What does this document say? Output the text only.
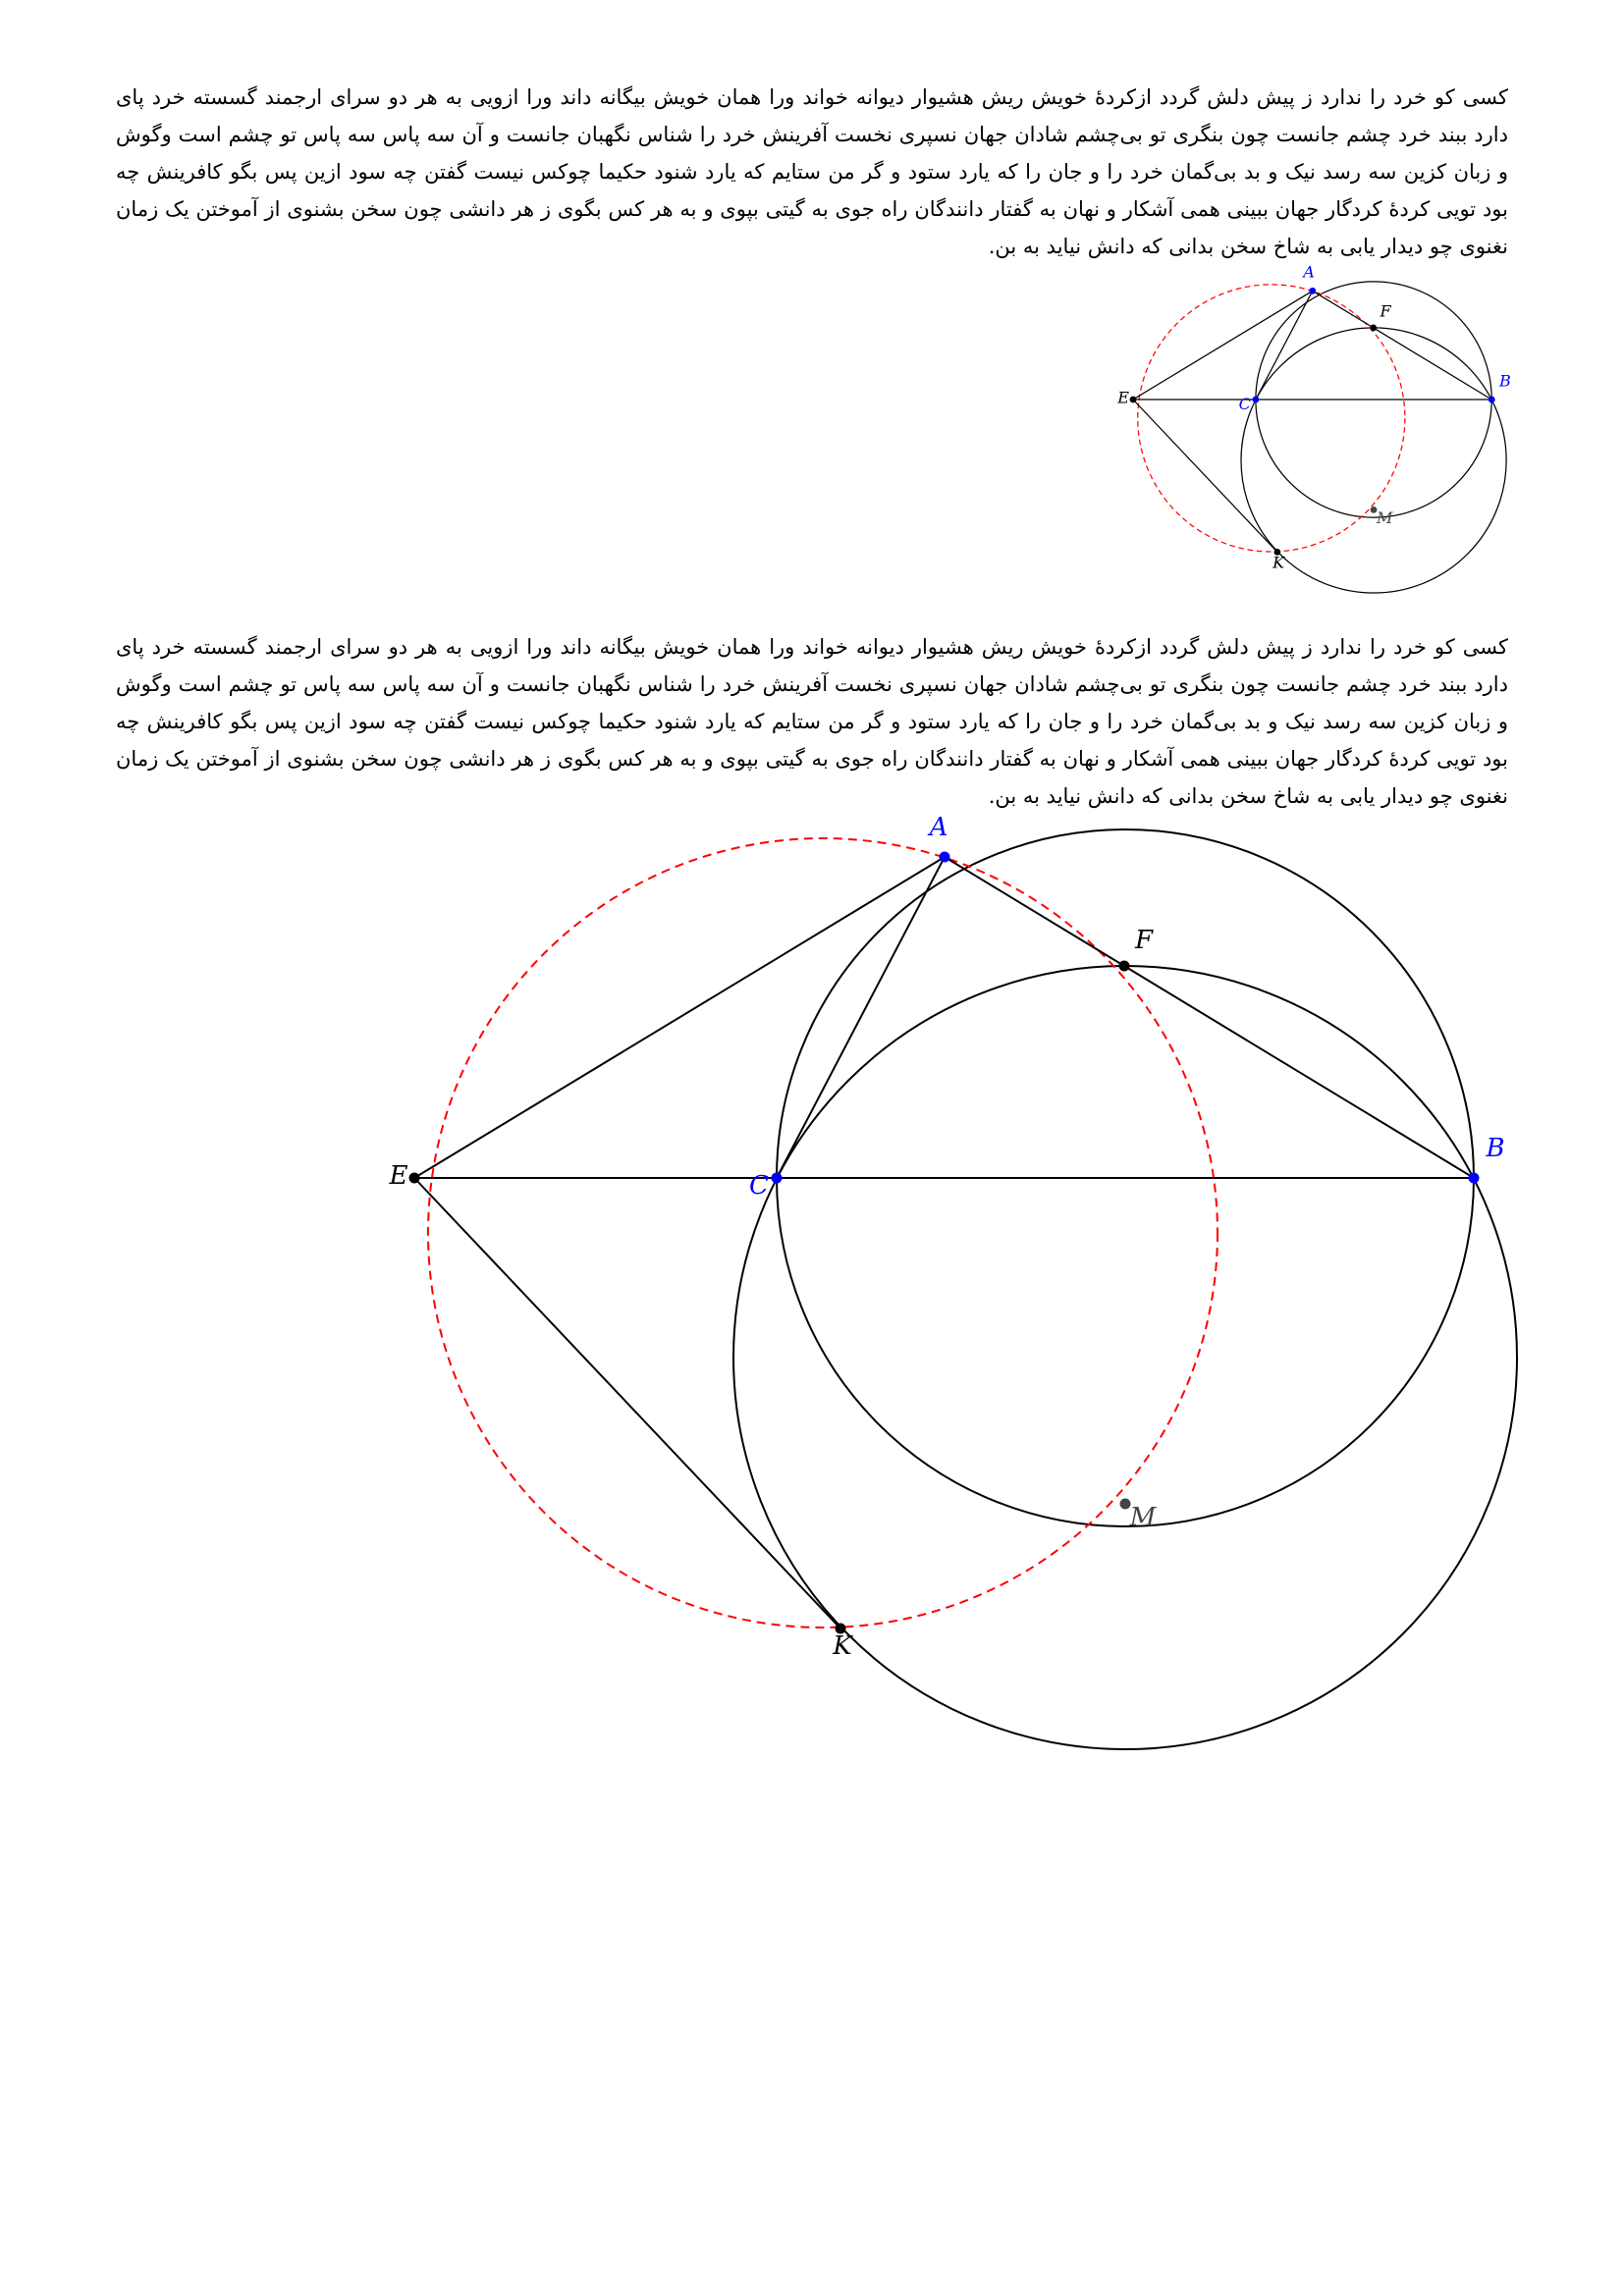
کسی کو خرد را ندارد ز پیش دلش گردد ازکردهٔ خویش ریش هشیوار دیوانه خواند ورا همان خویش بیگانه داند ورا ازویی به هر دو سرای ارجمند گسسته خرد پای دارد ببند خرد چشم جانست چون بنگری تو بی‌چشم شادان جهان نسپری نخست آفرینش خرد را شناس نگهبان جانست و آن سه پاس سه پاس تو چشم است وگوش و زبان کزین سه رسد نیک و بد بی‌گمان خرد را و جان را که یارد ستود و گر من ستایم که یارد شنود حکیما چوکس نیست گفتن چه سود ازین پس بگو کافرینش چه بود تویی کردهٔ کردگار جهان ببینی همی آشکار و نهان به گفتار دانندگان راه جوی به گیتی بپوی و به هر کس بگوی ز هر دانشی چون سخن بشنوی از آموختن یک زمان نغنوی چو دیدار یابی به شاخ سخن بدانی که دانش نیاید به بن.

A
F
B
E C
M
K

کسی کو خرد را ندارد ز پیش دلش گردد ازکردهٔ خویش ریش هشیوار دیوانه خواند ورا همان خویش بیگانه داند ورا ازویی به هر دو سرای ارجمند گسسته خرد پای دارد ببند خرد چشم جانست چون بنگری تو بی‌چشم شادان جهان نسپری نخست آفرینش خرد را شناس نگهبان جانست و آن سه پاس سه پاس تو چشم است وگوش و زبان کزین سه رسد نیک و بد بی‌گمان خرد را و جان را که یارد ستود و گر من ستایم که یارد شنود حکیما چوکس نیست گفتن چه سود ازین پس بگو کافرینش چه بود تویی کردهٔ کردگار جهان ببینی همی آشکار و نهان به گفتار دانندگان راه جوی به گیتی بپوی و به هر کس بگوی ز هر دانشی چون سخن بشنوی از آموختن یک زمان نغنوی چو دیدار یابی به شاخ سخن بدانی که دانش نیاید به بن.

A
F
B
E	C
M
K
